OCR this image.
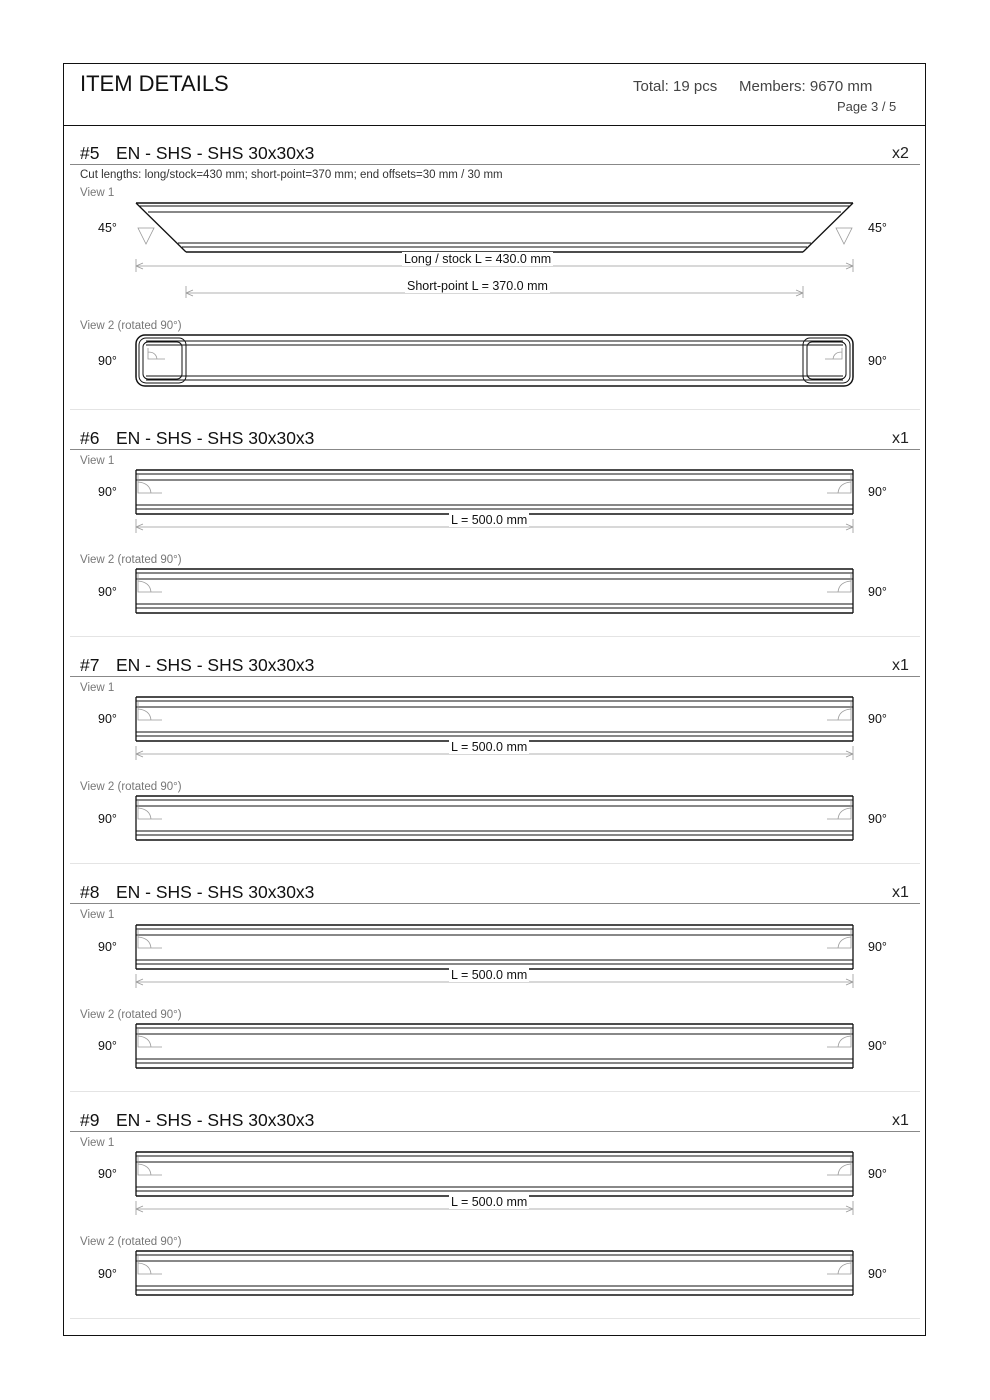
ITEM DETAILS	Total: 19 pcs Members: 9670 mm
Page 3 / 5
#5 EN - SHS - SHS 30x30x3	x2
Cut lengths: long/stock=430 mm; short-point=370 mm; end offsets=30 mm / 30 mm
View 1
45°	45°
Long / stock L = 430.0 mm
Short-point L = 370.0 mm
View 2 (rotated 90°)
90°	90°
#6 EN - SHS - SHS 30x30x3	x1
View 1
90°	90°
L = 500.0 mm
View 2 (rotated 90°)
90°	90°
#7 EN - SHS - SHS 30x30x3	x1
View 1
90°	90°
L = 500.0 mm
View 2 (rotated 90°)
90°	90°
#8 EN - SHS - SHS 30x30x3	x1
View 1
90°	90°
L = 500.0 mm
View 2 (rotated 90°)
90°	90°
#9 EN - SHS - SHS 30x30x3	x1
View 1
90°	90°
L = 500.0 mm
View 2 (rotated 90°)
90°	90°
